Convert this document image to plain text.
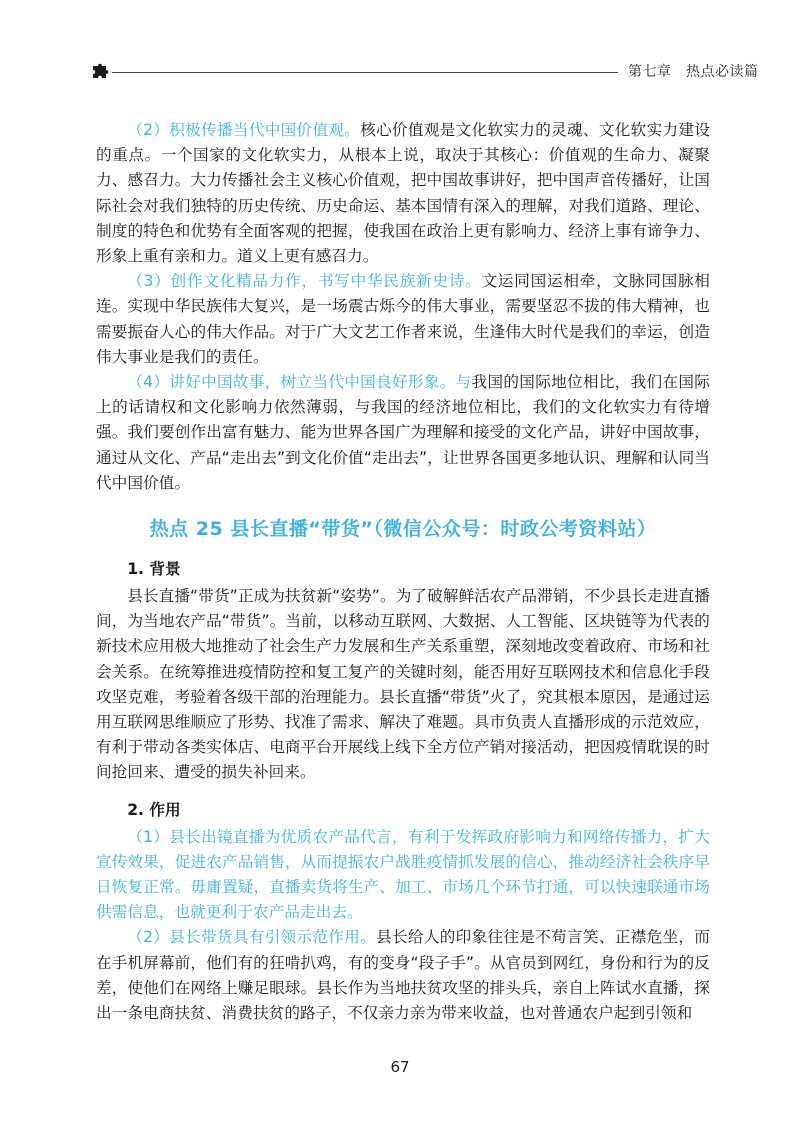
第七章　热点必读篇

（2）积极传播当代中国价值观。核心价值观是文化软实力的灵魂、文化软实力建设的重点。一个国家的文化软实力，从根本上说，取决于其核心：价值观的生命力、凝聚力、感召力。大力传播社会主义核心价值观，把中国故事讲好，把中国声音传播好，让国际社会对我们独特的历史传统、历史命运、基本国情有深入的理解，对我们道路、理论、制度的特色和优势有全面客观的把握，使我国在政治上更有影响力、经济上事有谛争力、形象上重有亲和力。道义上更有感召力。

（3）创作文化精品力作，书写中华民族新史诗。文运同国运相牵，文脉同国脉相连。实现中华民族伟大复兴，是一场震古烁今的伟大事业，需要坚忍不拔的伟大精神，也需要振奋人心的伟大作品。对于广大文艺工作者来说，生逢伟大时代是我们的幸运，创造伟大事业是我们的责任。

（4）讲好中国故事，树立当代中国良好形象。与我国的国际地位相比，我们在国际上的话请权和文化影响力依然薄弱，与我国的经济地位相比，我们的文化软实力有待增强。我们要创作出富有魅力、能为世界各国广为理解和接受的文化产品，讲好中国故事，通过从文化、产品“走出去”到文化价值“走出去”，让世界各国更多地认识、理解和认同当代中国价值。

热点 25 县长直播“带货”（微信公众号：时政公考资料站）
1. 背景

县长直播“带货”正成为扶贫新“姿势”。为了破解鲜活农产品滞销，不少县长走进直播间，为当地农产品“带货”。当前，以移动互联网、大数据、人工智能、区块链等为代表的新技术应用极大地推动了社会生产力发展和生产关系重塑，深刻地改变着政府、市场和社会关系。在统筹推进疫情防控和复工复产的关键时刻，能否用好互联网技术和信息化手段攻坚克难，考验着各级干部的治理能力。县长直播“带货”火了，究其根本原因，是通过运用互联网思维顺应了形势、找准了需求、解决了难题。具市负责人直播形成的示范效应，有利于带动各类实体店、电商平台开展线上线下全方位产销对接活动，把因疫情耽误的时间抢回来、遭受的损失补回来。

2. 作用

（1）县长出镜直播为优质农产品代言，有利于发挥政府影响力和网络传播力，扩大宣传效果，促进农产品销售，从而提振农户战胜疫情抓发展的信心，推动经济社会秩序早日恢复正常。毋庸置疑，直播卖货将生产、加工、市场几个环节打通，可以快速联通市场供需信息，也就更利于农产品走出去。

（2）县长带货具有引领示范作用。县长给人的印象往往是不苟言笑、正襟危坐，而在手机屏幕前，他们有的狂啃扒鸡，有的变身“段子手”。从官员到网红，身份和行为的反差，使他们在网络上赚足眼球。县长作为当地扶贫攻坚的排头兵，亲自上阵试水直播，探出一条电商扶贫、消费扶贫的路子，不仅亲力亲为带来收益，也对普通农户起到引领和

67
